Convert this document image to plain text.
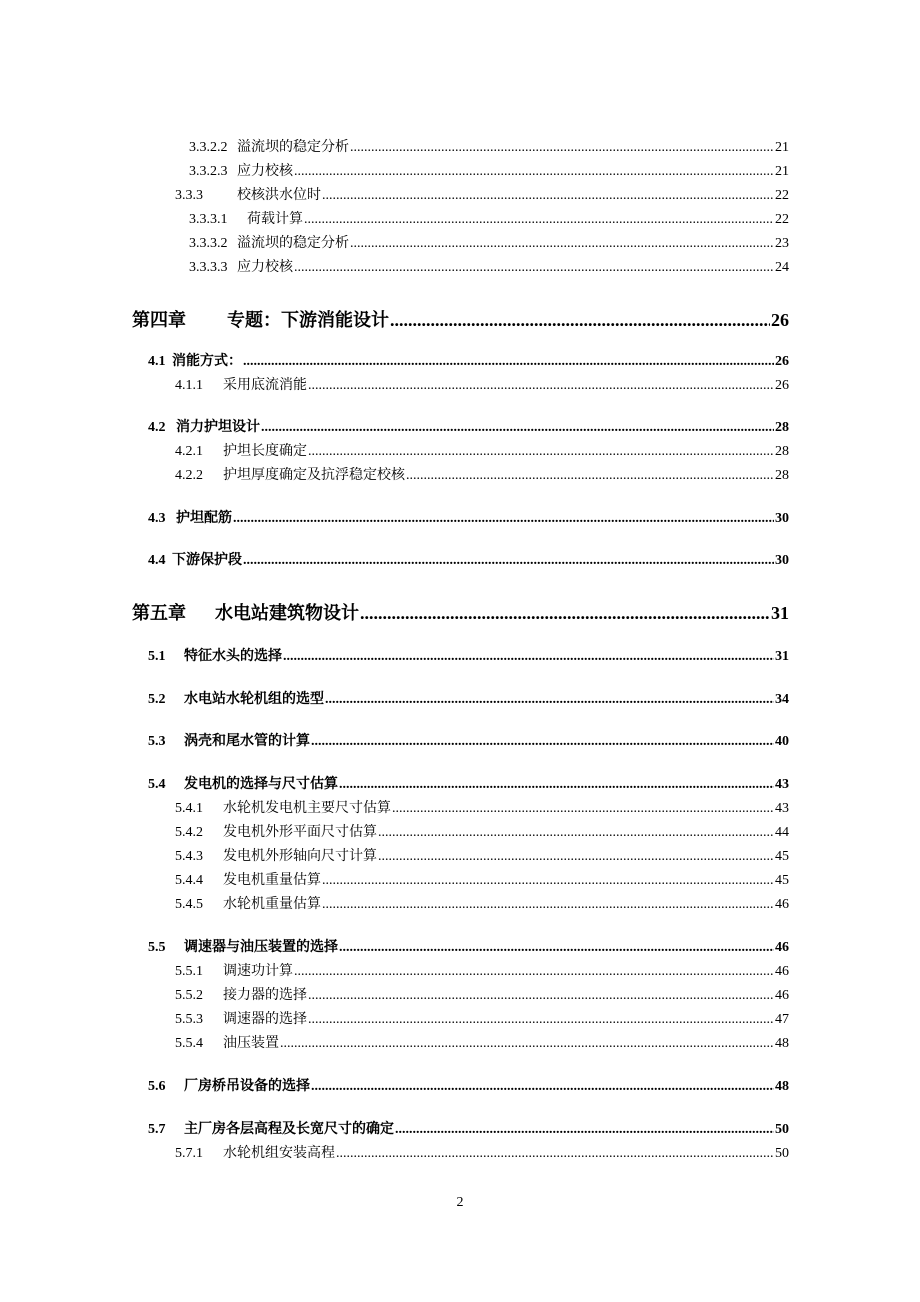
3.3.2.2 溢流坝的稳定分析 .....	21
3.3.2.3 应力校核 .....	21
3.3.3	校核洪水位时 .....	22
3.3.3.1	荷载计算 .....	22
3.3.3.2 溢流坝的稳定分析 .....	23
3.3.3.3 应力校核 .....	24
第四章	专题：下游消能设计 .....	26
4.1 消能方式： .....	26
4.1.1	采用底流消能 .....	26
4.2 消力护坦设计 .....	28
4.2.1	护坦长度确定 .....	28
4.2.2	护坦厚度确定及抗浮稳定校核 .....	28
4.3 护坦配筋 .....	30
4.4 下游保护段 .....	30
第五章	水电站建筑物设计 .....	31
5.1	特征水头的选择 .....	31
5.2	水电站水轮机组的选型 .....	34
5.3	涡壳和尾水管的计算 .....	40
5.4	发电机的选择与尺寸估算 .....	43
5.4.1	水轮机发电机主要尺寸估算 .....	43
5.4.2	发电机外形平面尺寸估算 .....	44
5.4.3	发电机外形轴向尺寸计算 .....	45
5.4.4	发电机重量估算 .....	45
5.4.5	水轮机重量估算 .....	46
5.5	调速器与油压装置的选择 .....	46
5.5.1	调速功计算 .....	46
5.5.2	接力器的选择 .....	46
5.5.3	调速器的选择 .....	47
5.5.4	油压装置 .....	48
5.6	厂房桥吊设备的选择 .....	48
5.7	主厂房各层高程及长宽尺寸的确定 .....	50
5.7.1	水轮机组安装高程 .....	50
2
